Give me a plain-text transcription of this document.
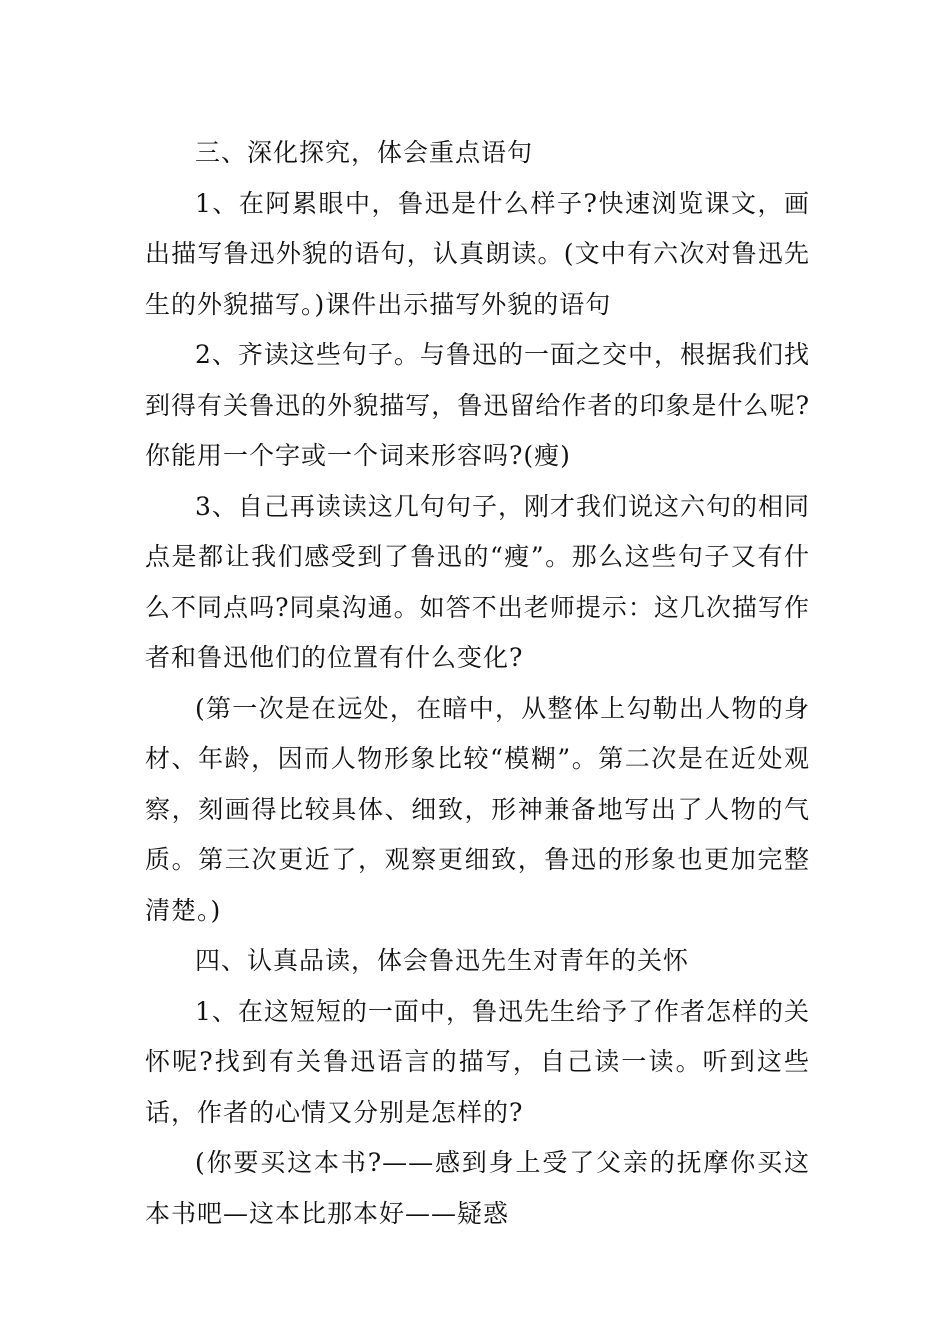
三、深化探究，体会重点语句

1、在阿累眼中，鲁迅是什么样子?快速浏览课文，画出描写鲁迅外貌的语句，认真朗读。(文中有六次对鲁迅先生的外貌描写。)课件出示描写外貌的语句

2、齐读这些句子。与鲁迅的一面之交中，根据我们找到得有关鲁迅的外貌描写，鲁迅留给作者的印象是什么呢?你能用一个字或一个词来形容吗?(瘦)

3、自己再读读这几句句子，刚才我们说这六句的相同点是都让我们感受到了鲁迅的“瘦”。那么这些句子又有什么不同点吗?同桌沟通。如答不出老师提示：这几次描写作者和鲁迅他们的位置有什么变化?

(第一次是在远处，在暗中，从整体上勾勒出人物的身材、年龄，因而人物形象比较“模糊”。第二次是在近处观察，刻画得比较具体、细致，形神兼备地写出了人物的气质。第三次更近了，观察更细致，鲁迅的形象也更加完整清楚。)

四、认真品读，体会鲁迅先生对青年的关怀

1、在这短短的一面中，鲁迅先生给予了作者怎样的关怀呢?找到有关鲁迅语言的描写，自己读一读。听到这些话，作者的心情又分别是怎样的?

(你要买这本书?——感到身上受了父亲的抚摩你买这本书吧—这本比那本好——疑惑
